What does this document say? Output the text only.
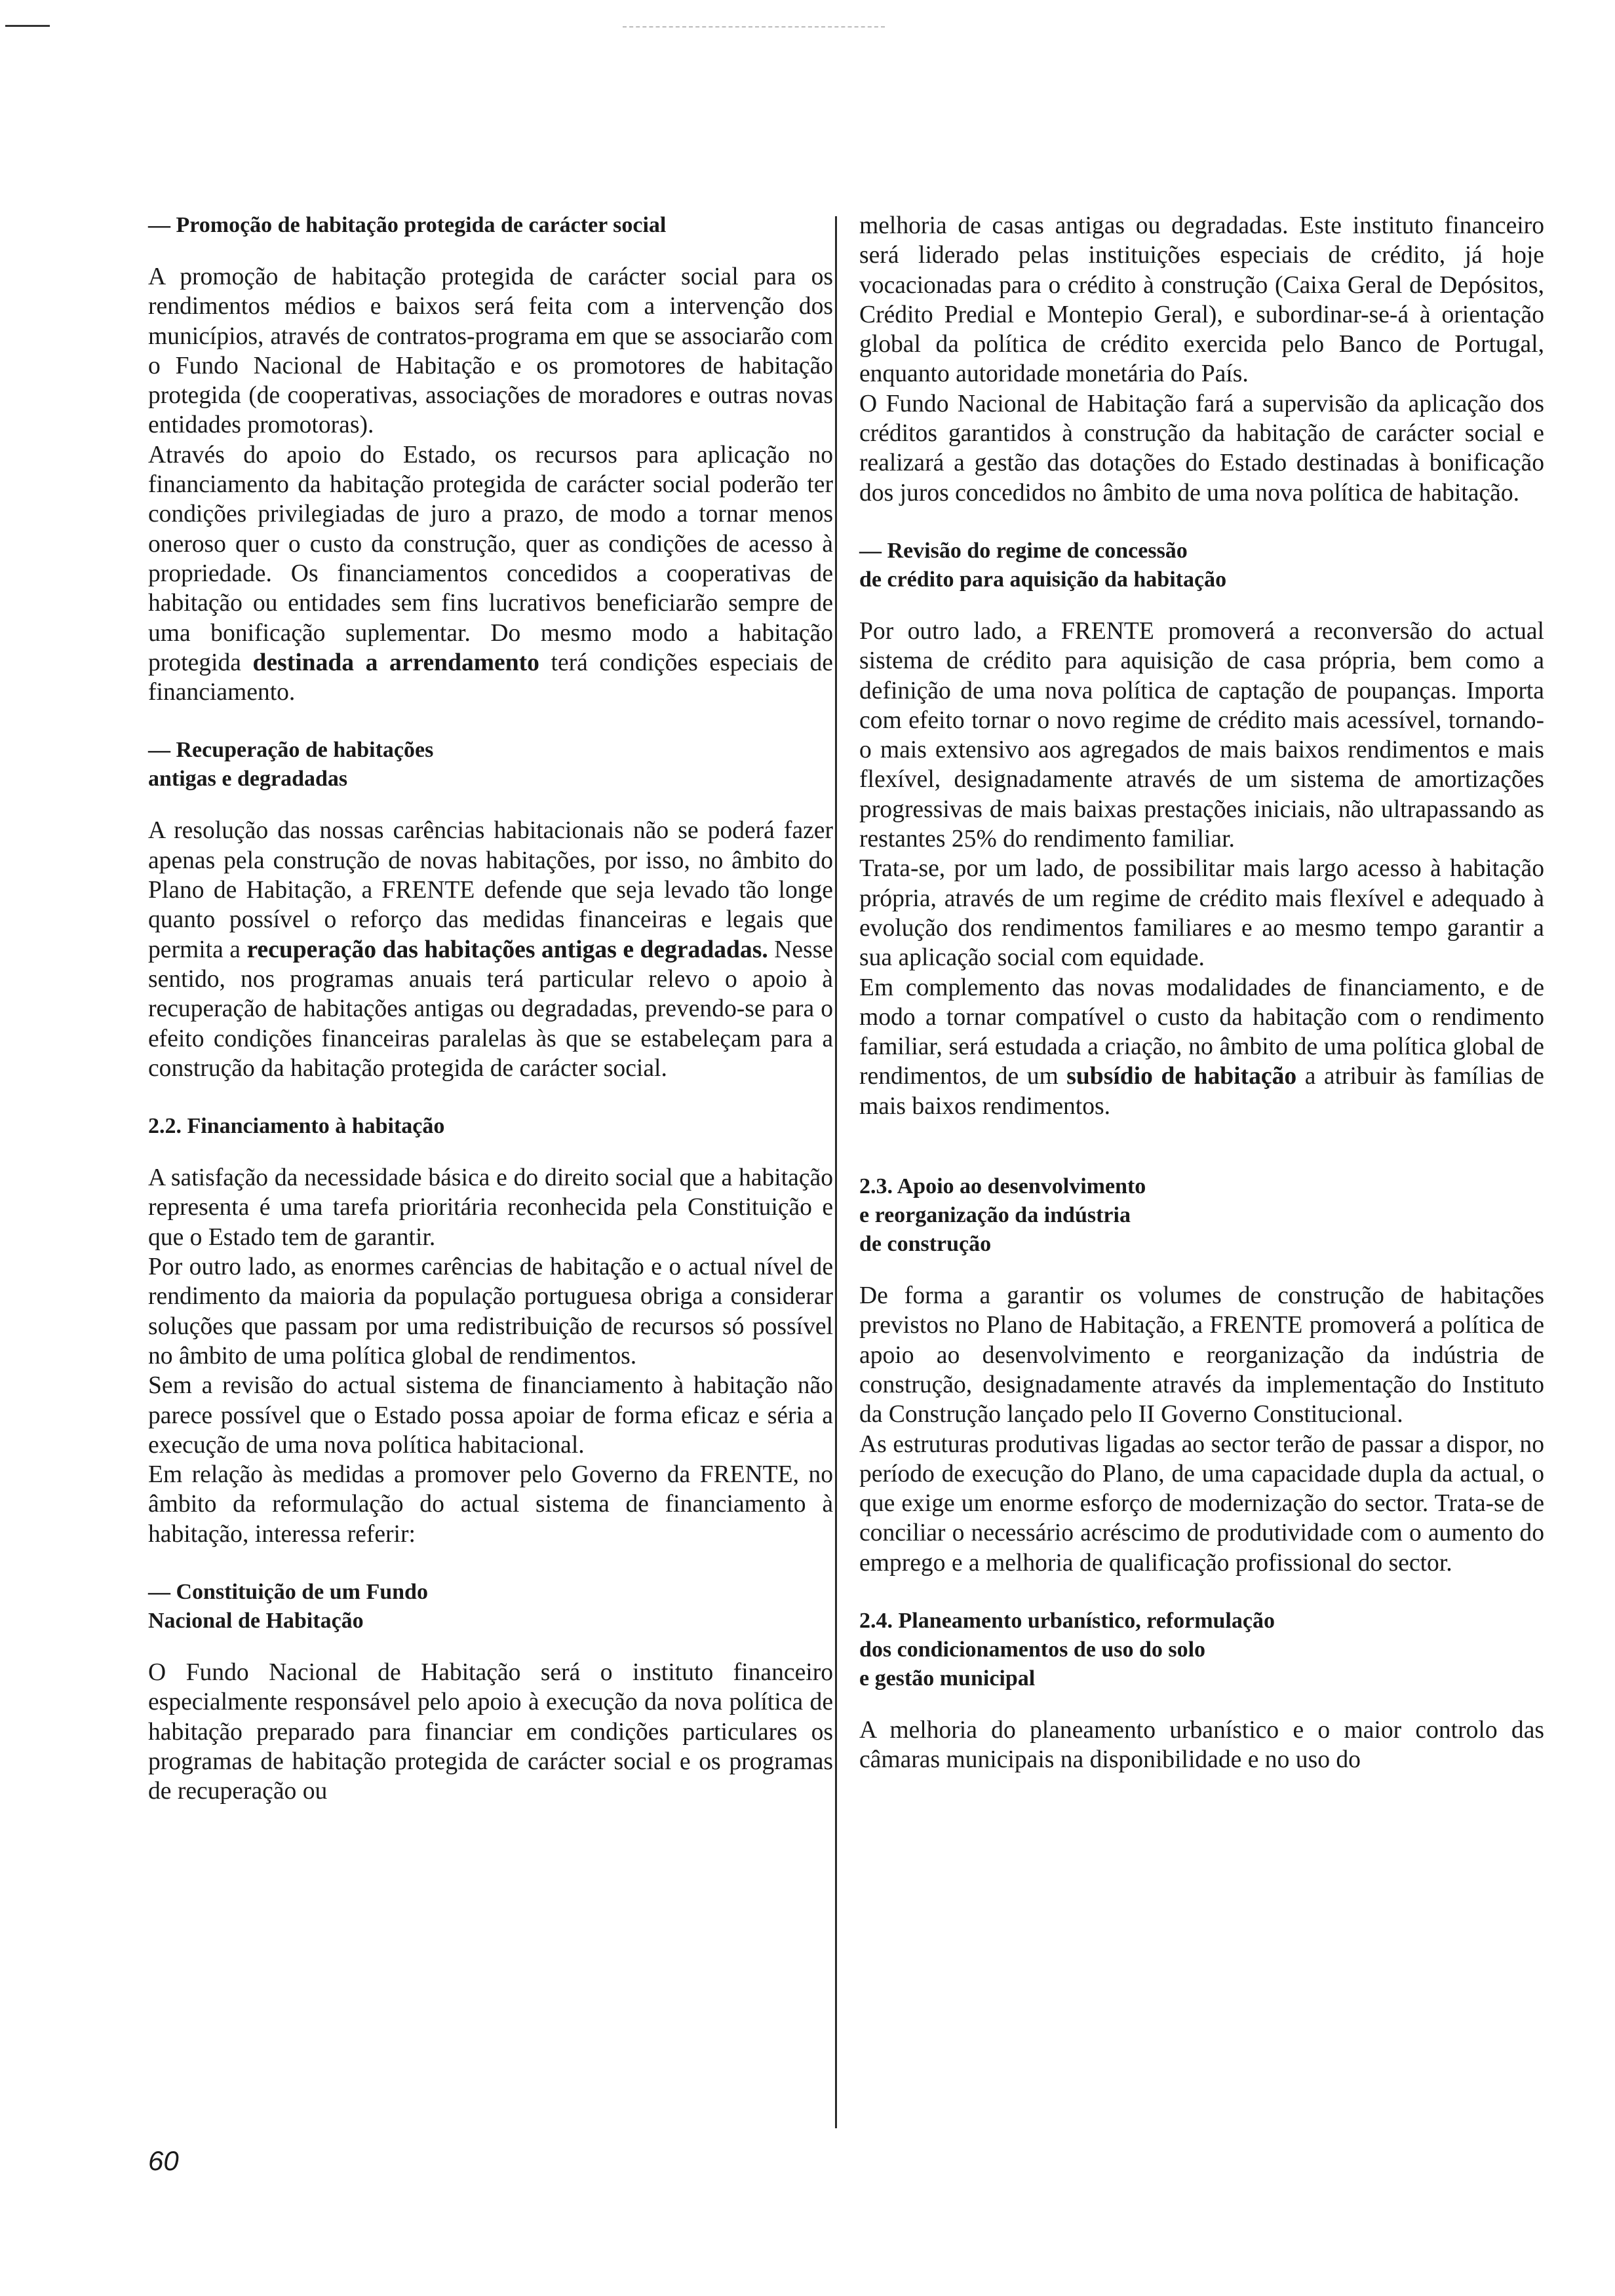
— Promoção de habitação protegida de carácter social

A promoção de habitação protegida de carácter social para os rendimentos médios e baixos será feita com a intervenção dos municípios, através de contratos-programa em que se associarão com o Fundo Nacional de Habitação e os promotores de habitação protegida (de cooperativas, associações de moradores e outras novas entidades promotoras).

Através do apoio do Estado, os recursos para aplicação no financiamento da habitação protegida de carácter social poderão ter condições privilegiadas de juro a prazo, de modo a tornar menos oneroso quer o custo da construção, quer as condições de acesso à propriedade. Os financiamentos concedidos a cooperativas de habitação ou entidades sem fins lucrativos beneficiarão sempre de uma bonificação suplementar. Do mesmo modo a habitação protegida destinada a arrendamento terá condições especiais de financiamento.

— Recuperação de habitações
antigas e degradadas

A resolução das nossas carências habitacionais não se poderá fazer apenas pela construção de novas habitações, por isso, no âmbito do Plano de Habitação, a FRENTE defende que seja levado tão longe quanto possível o reforço das medidas financeiras e legais que permita a recuperação das habitações antigas e degradadas. Nesse sentido, nos programas anuais terá particular relevo o apoio à recuperação de habitações antigas ou degradadas, prevendo-se para o efeito condições financeiras paralelas às que se estabeleçam para a construção da habitação protegida de carácter social.

2.2. Financiamento à habitação

A satisfação da necessidade básica e do direito social que a habitação representa é uma tarefa prioritária reconhecida pela Constituição e que o Estado tem de garantir.

Por outro lado, as enormes carências de habitação e o actual nível de rendimento da maioria da população portuguesa obriga a considerar soluções que passam por uma redistribuição de recursos só possível no âmbito de uma política global de rendimentos.

Sem a revisão do actual sistema de financiamento à habitação não parece possível que o Estado possa apoiar de forma eficaz e séria a execução de uma nova política habitacional.

Em relação às medidas a promover pelo Governo da FRENTE, no âmbito da reformulação do actual sistema de financiamento à habitação, interessa referir:

— Constituição de um Fundo
Nacional de Habitação

O Fundo Nacional de Habitação será o instituto financeiro especialmente responsável pelo apoio à execução da nova política de habitação preparado para financiar em condições particulares os programas de habitação protegida de carácter social e os programas de recuperação ou

melhoria de casas antigas ou degradadas. Este instituto financeiro será liderado pelas instituições especiais de crédito, já hoje vocacionadas para o crédito à construção (Caixa Geral de Depósitos, Crédito Predial e Montepio Geral), e subordinar-se-á à orientação global da política de crédito exercida pelo Banco de Portugal, enquanto autoridade monetária do País.

O Fundo Nacional de Habitação fará a supervisão da aplicação dos créditos garantidos à construção da habitação de carácter social e realizará a gestão das dotações do Estado destinadas à bonificação dos juros concedidos no âmbito de uma nova política de habitação.

— Revisão do regime de concessão
de crédito para aquisição da habitação

Por outro lado, a FRENTE promoverá a reconversão do actual sistema de crédito para aquisição de casa própria, bem como a definição de uma nova política de captação de poupanças. Importa com efeito tornar o novo regime de crédito mais acessível, tornando-o mais extensivo aos agregados de mais baixos rendimentos e mais flexível, designadamente através de um sistema de amortizações progressivas de mais baixas prestações iniciais, não ultrapassando as restantes 25% do rendimento familiar.

Trata-se, por um lado, de possibilitar mais largo acesso à habitação própria, através de um regime de crédito mais flexível e adequado à evolução dos rendimentos familiares e ao mesmo tempo garantir a sua aplicação social com equidade.

Em complemento das novas modalidades de financiamento, e de modo a tornar compatível o custo da habitação com o rendimento familiar, será estudada a criação, no âmbito de uma política global de rendimentos, de um subsídio de habitação a atribuir às famílias de mais baixos rendimentos.

2.3. Apoio ao desenvolvimento
e reorganização da indústria
de construção

De forma a garantir os volumes de construção de habitações previstos no Plano de Habitação, a FRENTE promoverá a política de apoio ao desenvolvimento e reorganização da indústria de construção, designadamente através da implementação do Instituto da Construção lançado pelo II Governo Constitucional.

As estruturas produtivas ligadas ao sector terão de passar a dispor, no período de execução do Plano, de uma capacidade dupla da actual, o que exige um enorme esforço de modernização do sector. Trata-se de conciliar o necessário acréscimo de produtividade com o aumento do emprego e a melhoria de qualificação profissional do sector.

2.4. Planeamento urbanístico, reformulação
dos condicionamentos de uso do solo
e gestão municipal

A melhoria do planeamento urbanístico e o maior controlo das câmaras municipais na disponibilidade e no uso do

60
